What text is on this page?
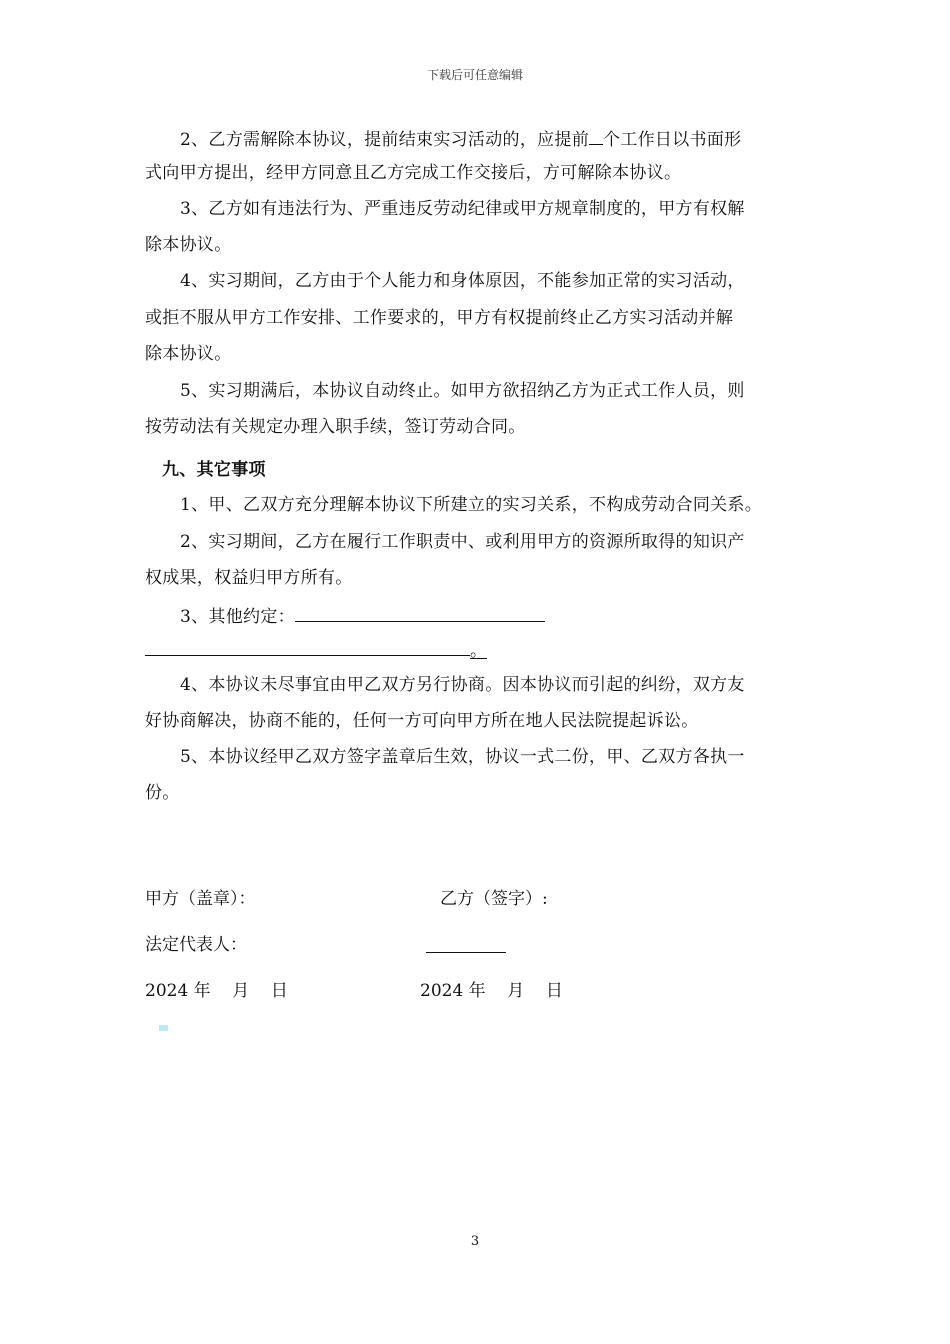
下载后可任意编辑
2、乙方需解除本协议，提前结束实习活动的，应提前 个工作日以书面形
式向甲方提出，经甲方同意且乙方完成工作交接后，方可解除本协议。
3、乙方如有违法行为、严重违反劳动纪律或甲方规章制度的，甲方有权解
除本协议。
4、实习期间，乙方由于个人能力和身体原因，不能参加正常的实习活动，
或拒不服从甲方工作安排、工作要求的，甲方有权提前终止乙方实习活动并解
除本协议。
5、实习期满后，本协议自动终止。如甲方欲招纳乙方为正式工作人员，则
按劳动法有关规定办理入职手续，签订劳动合同。
九、其它事项
1、甲、乙双方充分理解本协议下所建立的实习关系，不构成劳动合同关系。
2、实习期间，乙方在履行工作职责中、或利用甲方的资源所取得的知识产
权成果，权益归甲方所有。
3、其他约定：
。
4、本协议未尽事宜由甲乙双方另行协商。因本协议而引起的纠纷，双方友
好协商解决，协商不能的，任何一方可向甲方所在地人民法院提起诉讼。
5、本协议经甲乙双方签字盖章后生效，协议一式二份，甲、乙双方各执一
份。
甲方（盖章）：	乙方（签字）:
法定代表人：
2024 年    月    日	2024 年    月    日
3
